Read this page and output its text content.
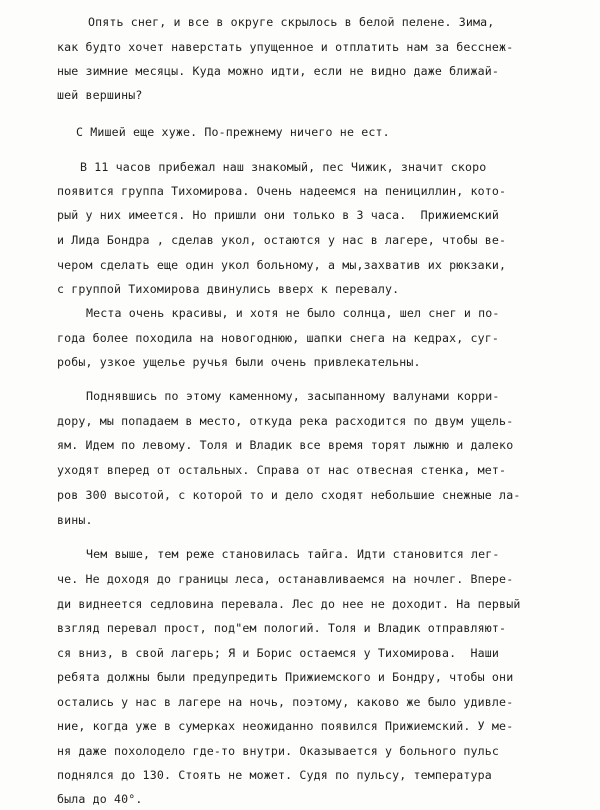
Опять снег, и все в округе скрылось в белой пелене. Зима,
как будто хочет наверстать упущенное и отплатить нам за бесснеж-
ные зимние месяцы. Куда можно идти, если не видно даже ближай-
шей вершины?
С Мишей еще хуже. По-прежнему ничего не ест.
В 11 часов прибежал наш знакомый, пес Чижик, значит скоро
появится группа Тихомирова. Очень надеемся на пенициллин, кото-
рый у них имеется. Но пришли они только в 3 часа.  Прижиемский
и Лида Бондра , сделав укол, остаются у нас в лагере, чтобы ве-
чером сделать еще один укол больному, а мы,захватив их рюкзаки,
с группой Тихомирова двинулись вверх к перевалу.
Места очень красивы, и хотя не было солнца, шел снег и по-
года более походила на новогоднюю, шапки снега на кедрах, суг-
робы, узкое ущелье ручья были очень привлекательны.
Поднявшись по этому каменному, засыпанному валунами корри-
дору, мы попадаем в место, откуда река расходится по двум ущель-
ям. Идем по левому. Толя и Владик все время торят лыжню и далеко
уходят вперед от остальных. Справа от нас отвесная стенка, мет-
ров 300 высотой, с которой то и дело сходят небольшие снежные ла-
вины.
Чем выше, тем реже становилась тайга. Идти становится лег-
че. Не доходя до границы леса, останавливаемся на ночлег. Впере-
ди виднеется седловина перевала. Лес до нее не доходит. На первый
взгляд перевал прост, под"ем пологий. Толя и Владик отправляют-
ся вниз, в свой лагерь; Я и Борис остаемся у Тихомирова.  Наши
ребята должны были предупредить Прижиемского и Бондру, чтобы они
остались у нас в лагере на ночь, поэтому, каково же было удивле-
ние, когда уже в сумерках неожиданно появился Прижиемский. У ме-
ня даже похолодело где-то внутри. Оказывается у больного пульс
поднялся до 130. Стоять не может. Судя по пульсу, температура
была до 40°.
